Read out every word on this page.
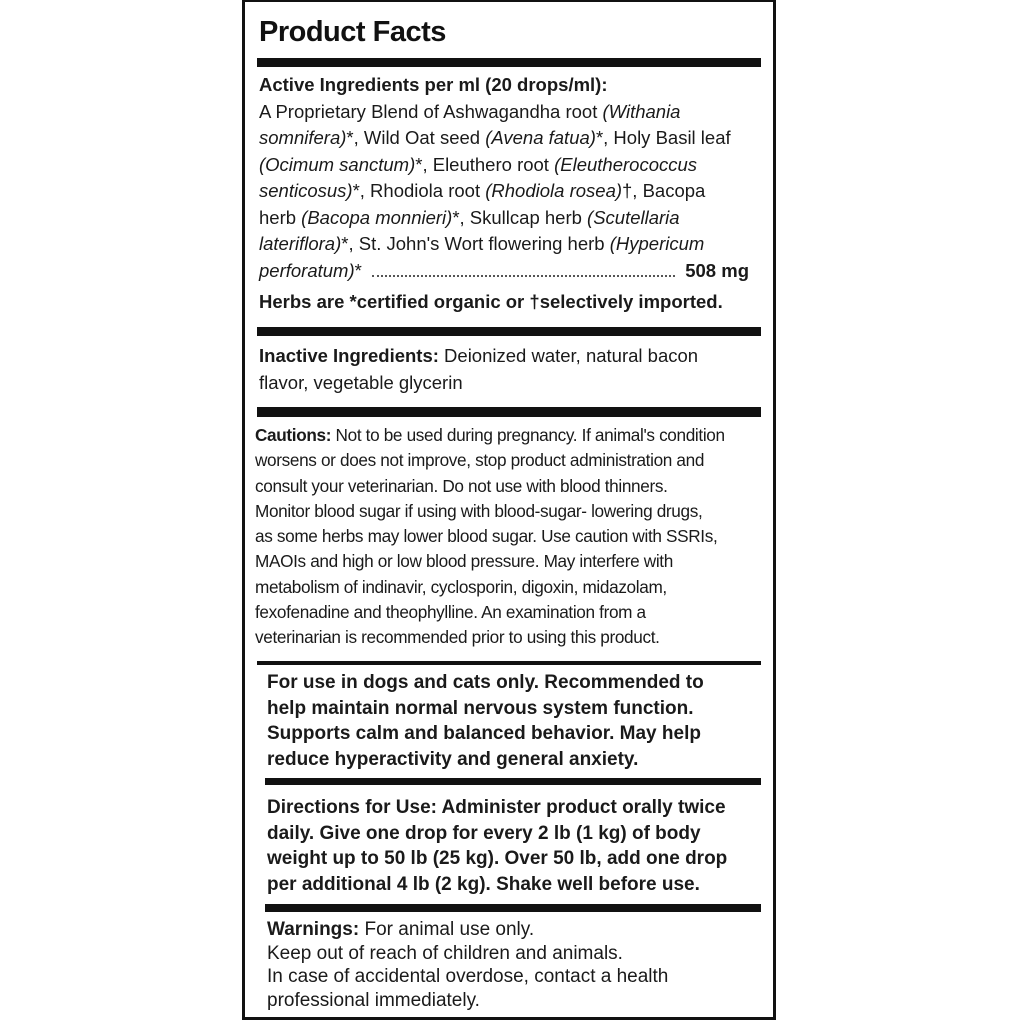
Product Facts
Active Ingredients per ml (20 drops/ml):
A Proprietary Blend of Ashwagandha root (Withania
somnifera)*, Wild Oat seed (Avena fatua)*, Holy Basil leaf
(Ocimum sanctum)*, Eleuthero root (Eleutherococcus
senticosus)*, Rhodiola root (Rhodiola rosea)†, Bacopa
herb (Bacopa monnieri)*, Skullcap herb (Scutellaria
lateriflora)*, St. John's Wort flowering herb (Hypericum
perforatum)*	508 mg
Herbs are *certified organic or †selectively imported.
Inactive Ingredients: Deionized water, natural bacon
flavor, vegetable glycerin
Cautions: Not to be used during pregnancy. If animal's condition
worsens or does not improve, stop product administration and
consult your veterinarian. Do not use with blood thinners.
Monitor blood sugar if using with blood-sugar- lowering drugs,
as some herbs may lower blood sugar. Use caution with SSRIs,
MAOIs and high or low blood pressure. May interfere with
metabolism of indinavir, cyclosporin, digoxin, midazolam,
fexofenadine and theophylline. An examination from a
veterinarian is recommended prior to using this product.
For use in dogs and cats only. Recommended to
help maintain normal nervous system function.
Supports calm and balanced behavior. May help
reduce hyperactivity and general anxiety.
Directions for Use: Administer product orally twice
daily. Give one drop for every 2 lb (1 kg) of body
weight up to 50 lb (25 kg). Over 50 lb, add one drop
per additional 4 lb (2 kg). Shake well before use.
Warnings: For animal use only.
Keep out of reach of children and animals.
In case of accidental overdose, contact a health
professional immediately.
